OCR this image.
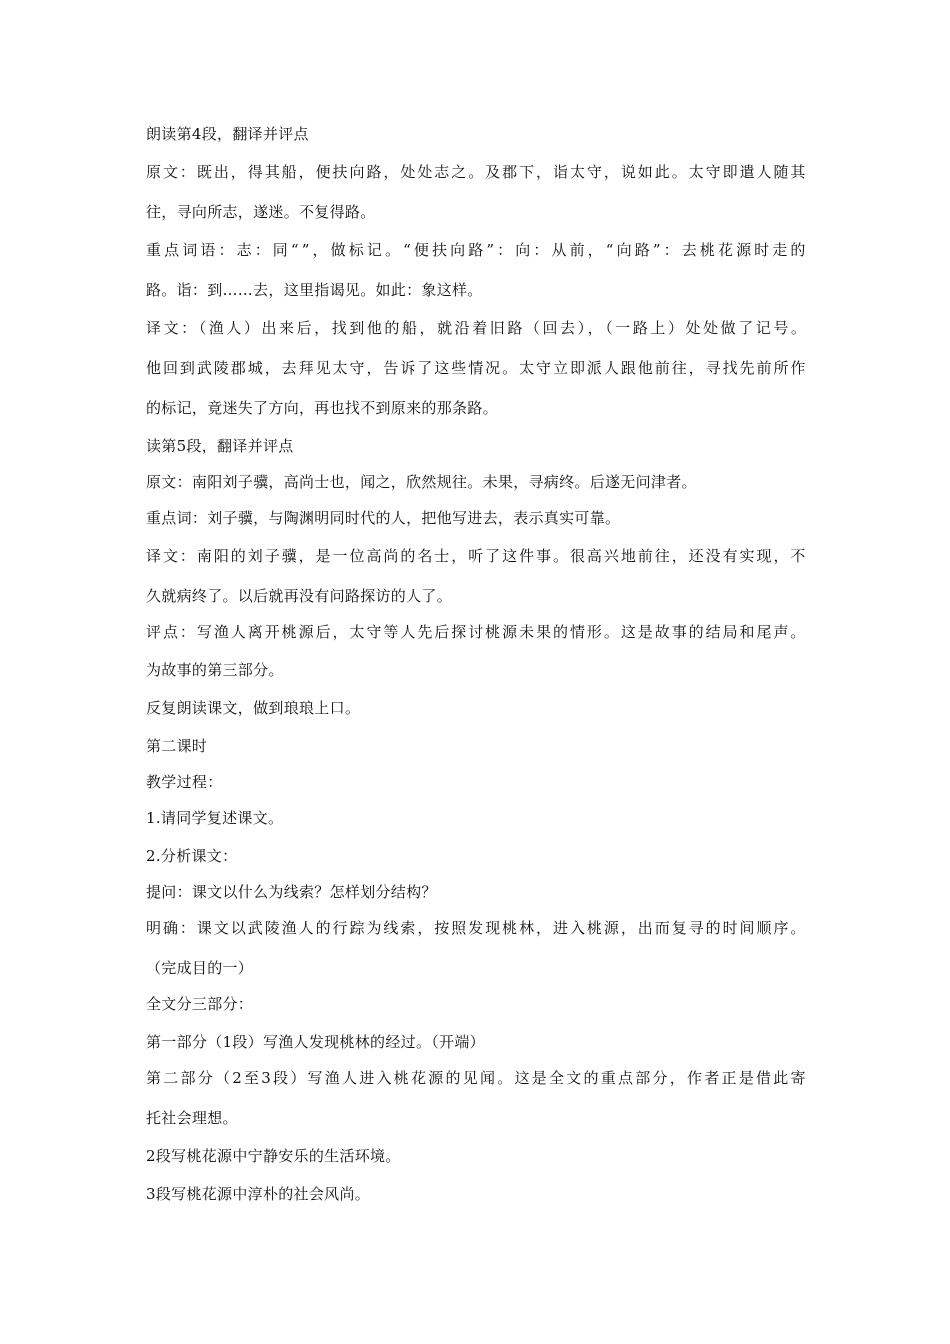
朗读第4段，翻译并评点
原文：既出，得其船，便扶向路，处处志之。及郡下，诣太守，说如此。太守即遣人随其
往，寻向所志，遂迷。不复得路。
重点词语：志：同“”，做标记。“便扶向路”：向：从前，“向路”：去桃花源时走的
路。诣：到……去，这里指谒见。如此：象这样。
译文：（渔人）出来后，找到他的船，就沿着旧路（回去），（一路上）处处做了记号。
他回到武陵郡城，去拜见太守，告诉了这些情况。太守立即派人跟他前往，寻找先前所作
的标记，竟迷失了方向，再也找不到原来的那条路。
读第5段，翻译并评点
原文：南阳刘子骥，高尚士也，闻之，欣然规往。未果，寻病终。后遂无问津者。
重点词：刘子骥，与陶渊明同时代的人，把他写进去，表示真实可靠。
译文：南阳的刘子骥，是一位高尚的名士，听了这件事。很高兴地前往，还没有实现，不
久就病终了。以后就再没有问路探访的人了。
评点：写渔人离开桃源后，太守等人先后探讨桃源未果的情形。这是故事的结局和尾声。
为故事的第三部分。
反复朗读课文，做到琅琅上口。
第二课时
教学过程：
1.请同学复述课文。
2.分析课文：
提问：课文以什么为线索？怎样划分结构？
明确：课文以武陵渔人的行踪为线索，按照发现桃林，进入桃源，出而复寻的时间顺序。
（完成目的一）
全文分三部分：
第一部分（1段）写渔人发现桃林的经过。（开端）
第二部分（2至3段）写渔人进入桃花源的见闻。这是全文的重点部分，作者正是借此寄
托社会理想。
2段写桃花源中宁静安乐的生活环境。
3段写桃花源中淳朴的社会风尚。
